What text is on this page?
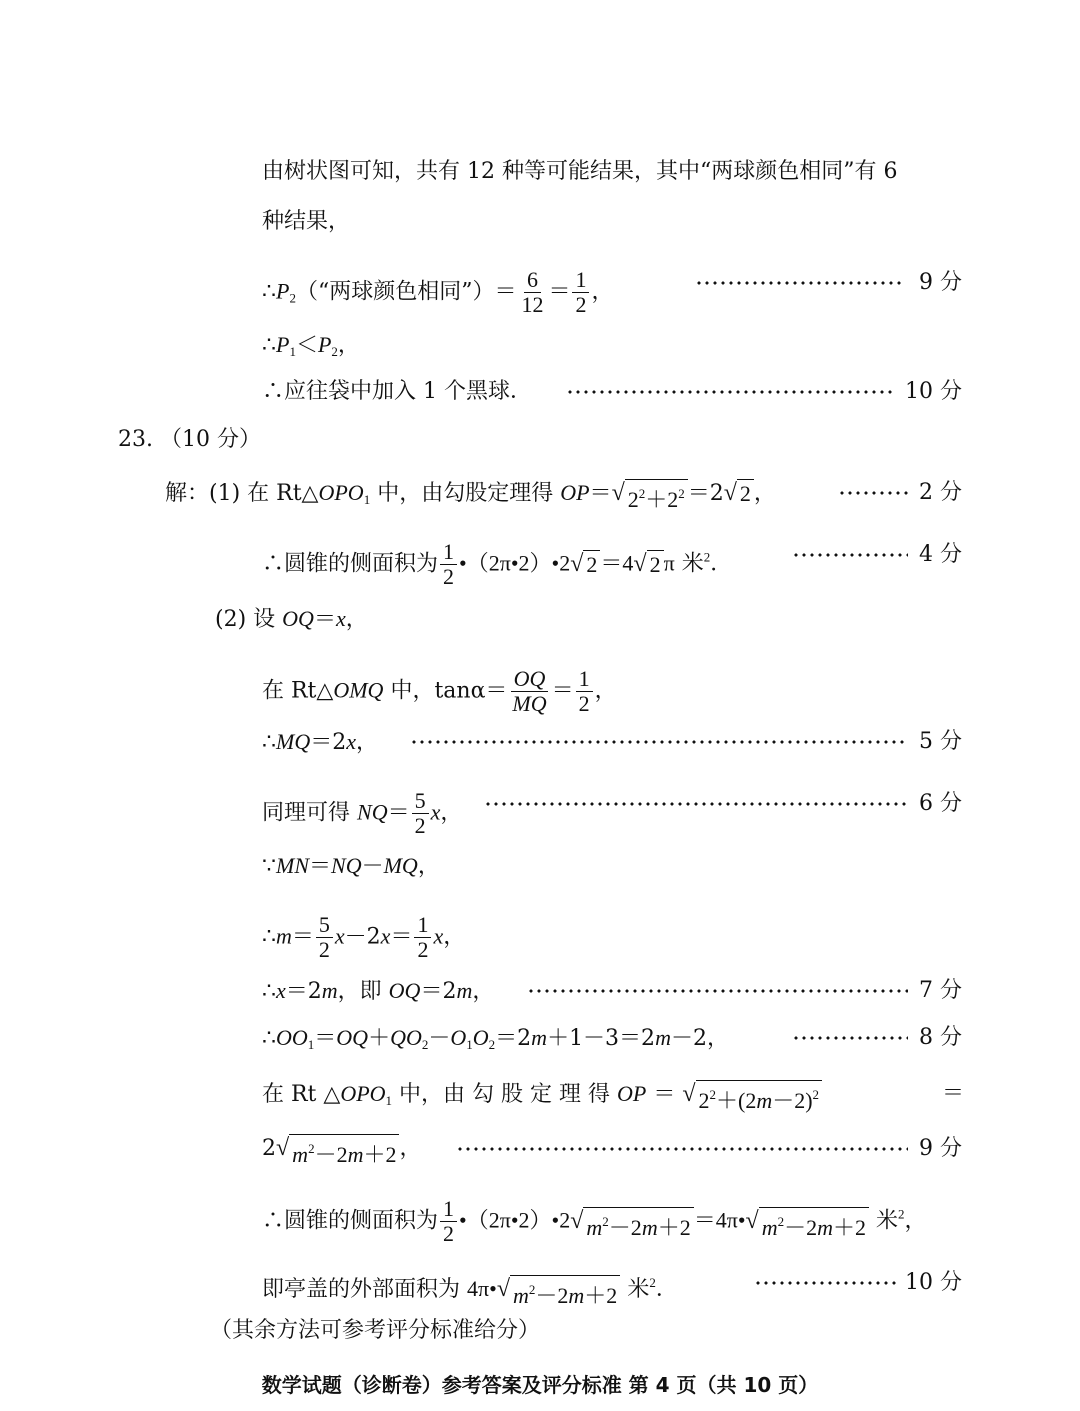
由树状图可知，共有 12 种等可能结果，其中“两球颜色相同”有 6
种结果，
$\therefore P_2(“$两球颜色相同”）＝ $\frac{6}{12} = \frac{1}{2}$ ，	9 分
$\therefore P_1<P_2$，
∴应往袋中加入 1 个黑球．	10 分
23. （10 分）
解：(1) 在 $Rt\triangle OPO_1$ 中，由勾股定理得 OP＝ √ $2^2+2^2 =2$ √ 2 ，	2 分
∴圆锥的侧面积为 $\frac{1}{2}$ •（2π•2）•2 √ 2 ＝4 √ 2 π 米$^2$．	4 分
(2) 设 OQ＝x，
在 Rt△OMQ 中，$\tan\alpha= \frac{OQ}{MQ} = \frac{1}{2}$ ，
∴MQ＝2x，	5 分
同理可得 $NQ= \frac{5}{2}$ x，	6 分
∵MN＝NQ－MQ，
∴m＝ $\frac{5}{2} x-2x= \frac{1}{2}$ x，
∴x＝2m，即 OQ＝2m，	7 分
$\therefore OO_1=OQ+QO_2-O_1O_2=2m+1-3=2m-2$，	8 分
在 Rt $\triangle OPO_1$ 中，由 勾 股 定 理 得 OP ＝ √ $2^2+(2m-2)^2$	＝
2 √ $m^2-2m+2$ ，	9 分
∴圆锥的侧面积为 $\frac{1}{2}$ •（2π•2）•2 √ $m^2-2m+2$ ＝4π• √ $m^2-2m+2$ 米$^2$，
即亭盖的外部面积为 4π• √ $m^2-2m+2$ 米$^2$．	10 分
（其余方法可参考评分标准给分）
数学试题（诊断卷）参考答案及评分标准 第 4 页（共 10 页）
